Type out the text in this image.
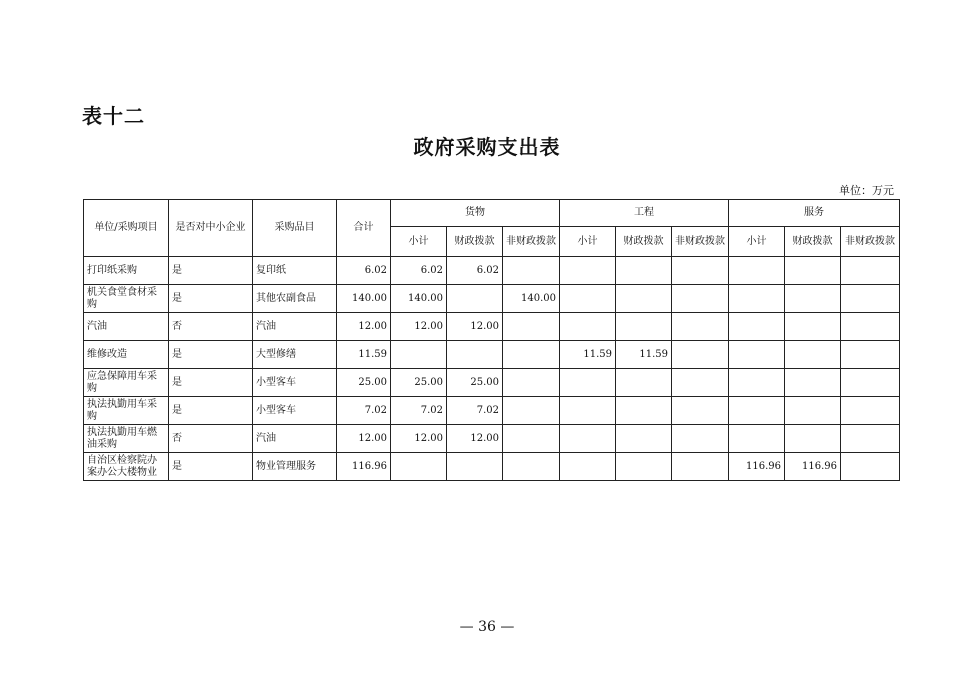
表十二
政府采购支出表
单位：万元
单位/采购项目	是否对中小企业	采购品目	合计	货物			工程			服务		
				小计	财政拨款	非财政拨款	小计	财政拨款	非财政拨款	小计	财政拨款	非财政拨款
打印纸采购	是	复印纸	6.02	6.02	6.02							
机关食堂食材采购	是	其他农副食品	140.00	140.00		140.00						
汽油	否	汽油	12.00	12.00	12.00							
维修改造	是	大型修缮	11.59				11.59	11.59				
应急保障用车采购	是	小型客车	25.00	25.00	25.00							
执法执勤用车采购	是	小型客车	7.02	7.02	7.02							
执法执勤用车燃油采购	否	汽油	12.00	12.00	12.00							
自治区检察院办案办公大楼物业	是	物业管理服务	116.96							116.96	116.96	
— 36 —
